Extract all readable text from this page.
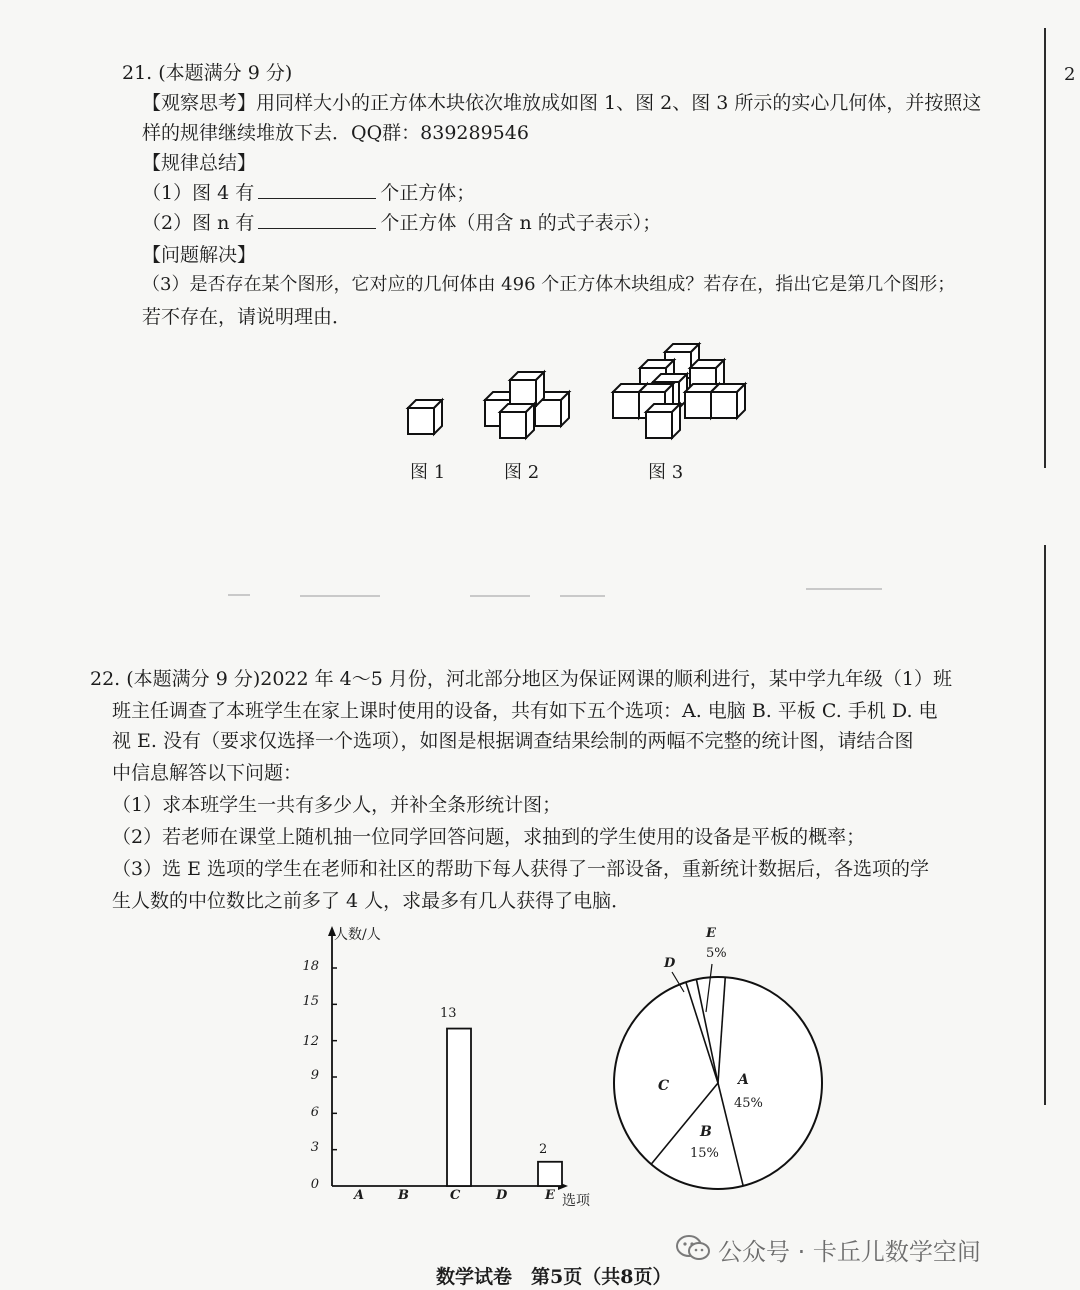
2
21. (本题满分 9 分)
【观察思考】用同样大小的正方体木块依次堆放成如图 1、图 2、图 3 所示的实心几何体，并按照这
样的规律继续堆放下去．QQ群：839289546
【规律总结】
（1）图 4 有	个正方体；
（2）图 n 有	个正方体（用含 n 的式子表示）；
【问题解决】
（3）是否存在某个图形，它对应的几何体由 496 个正方体木块组成？若存在，指出它是第几个图形；
若不存在，请说明理由．
图 1	图 2	图 3
22. (本题满分 9 分)2022 年 4～5 月份，河北部分地区为保证网课的顺利进行，某中学九年级（1）班
班主任调查了本班学生在家上课时使用的设备，共有如下五个选项：A. 电脑 B. 平板 C. 手机 D. 电
视 E. 没有（要求仅选择一个选项），如图是根据调查结果绘制的两幅不完整的统计图，请结合图
中信息解答以下问题：
（1）求本班学生一共有多少人，并补全条形统计图；
（2）若老师在课堂上随机抽一位同学回答问题，求抽到的学生使用的设备是平板的概率；
（3）选 E 选项的学生在老师和社区的帮助下每人获得了一部设备，重新统计数据后，各选项的学
生人数的中位数比之前多了 4 人，求最多有几人获得了电脑．
人数/人
选项
18
15
12
9
6
3
0
A	B	C	D	E
13
2
E
5%
D
C	A
45%
B
15%
公众号 · 卡丘儿数学空间
数学试卷　第5页（共8页）
